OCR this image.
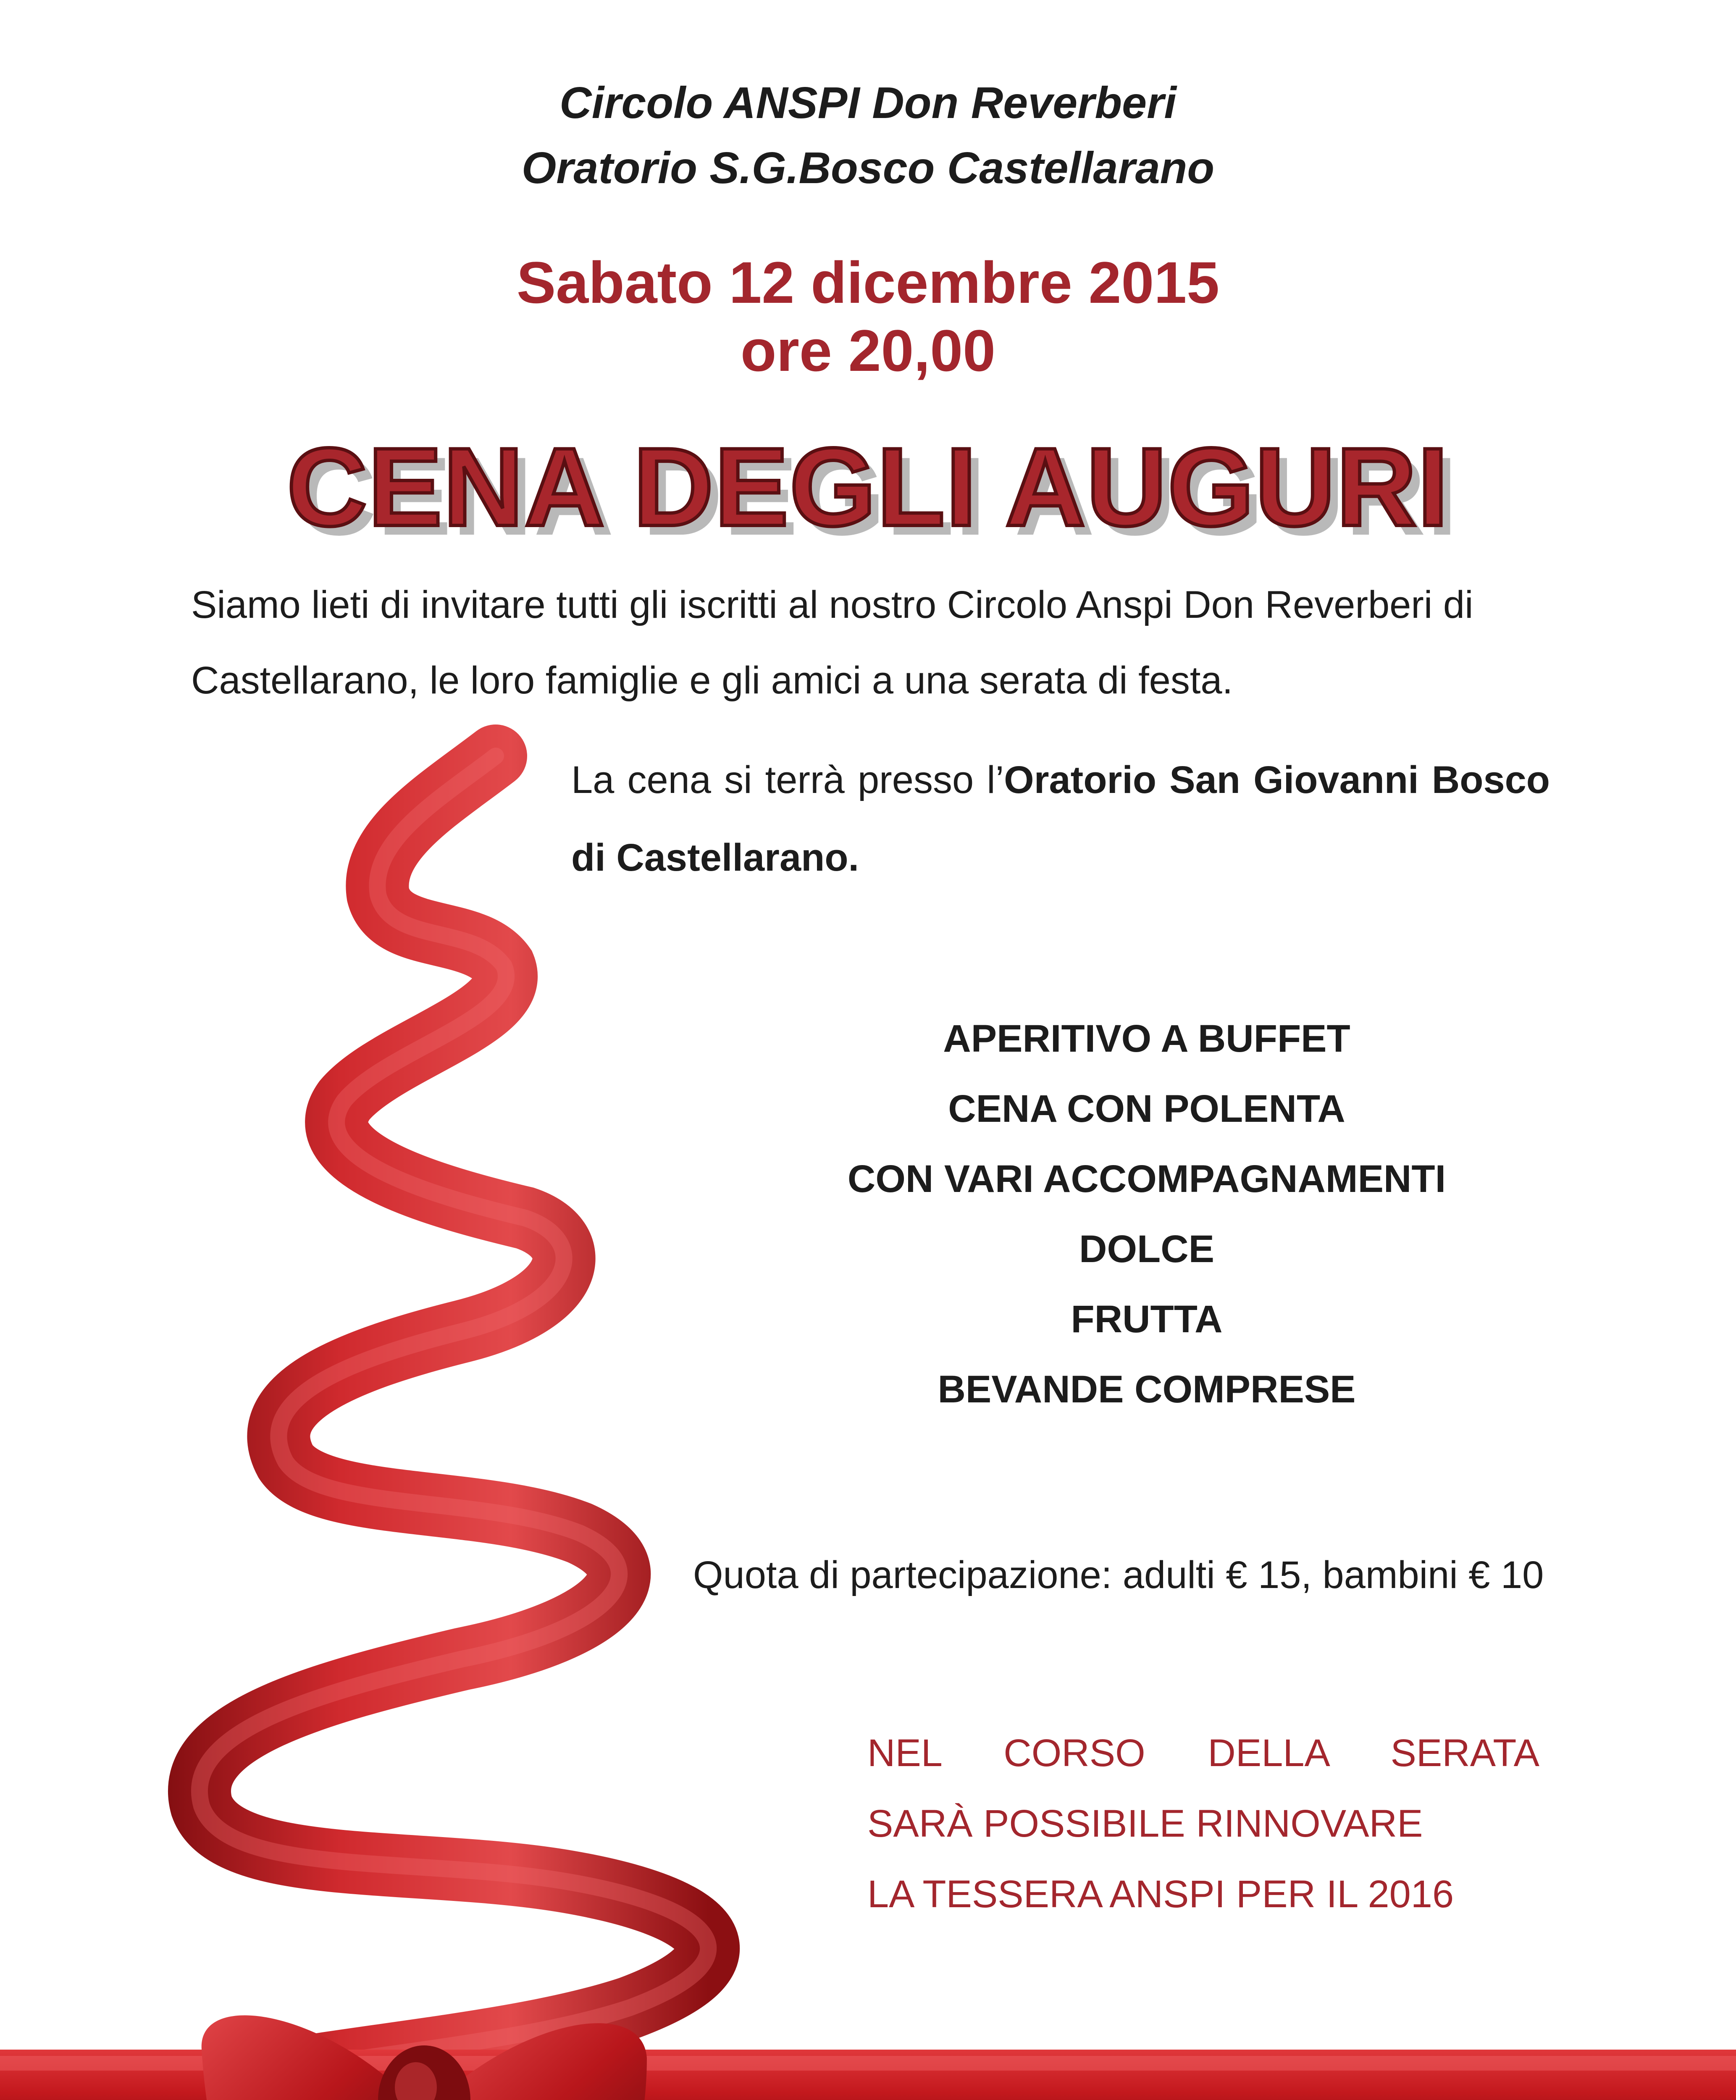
Circolo ANSPI Don Reverberi
Oratorio S.G.Bosco Castellarano
Sabato 12 dicembre 2015
ore 20,00
CENA DEGLI AUGURI
Siamo lieti di invitare tutti gli iscritti al nostro Circolo Anspi Don Reverberi di Castellarano, le loro famiglie e gli amici a una serata di festa.
La cena si terrà presso l’Oratorio San Giovanni Bosco di Castellarano.
APERITIVO A BUFFET
CENA CON POLENTA
CON VARI ACCOMPAGNAMENTI
DOLCE
FRUTTA
BEVANDE COMPRESE
Quota di partecipazione: adulti € 15, bambini € 10
NEL CORSO DELLA SERATA
SARÀ POSSIBILE RINNOVARE
LA TESSERA ANSPI PER IL 2016
